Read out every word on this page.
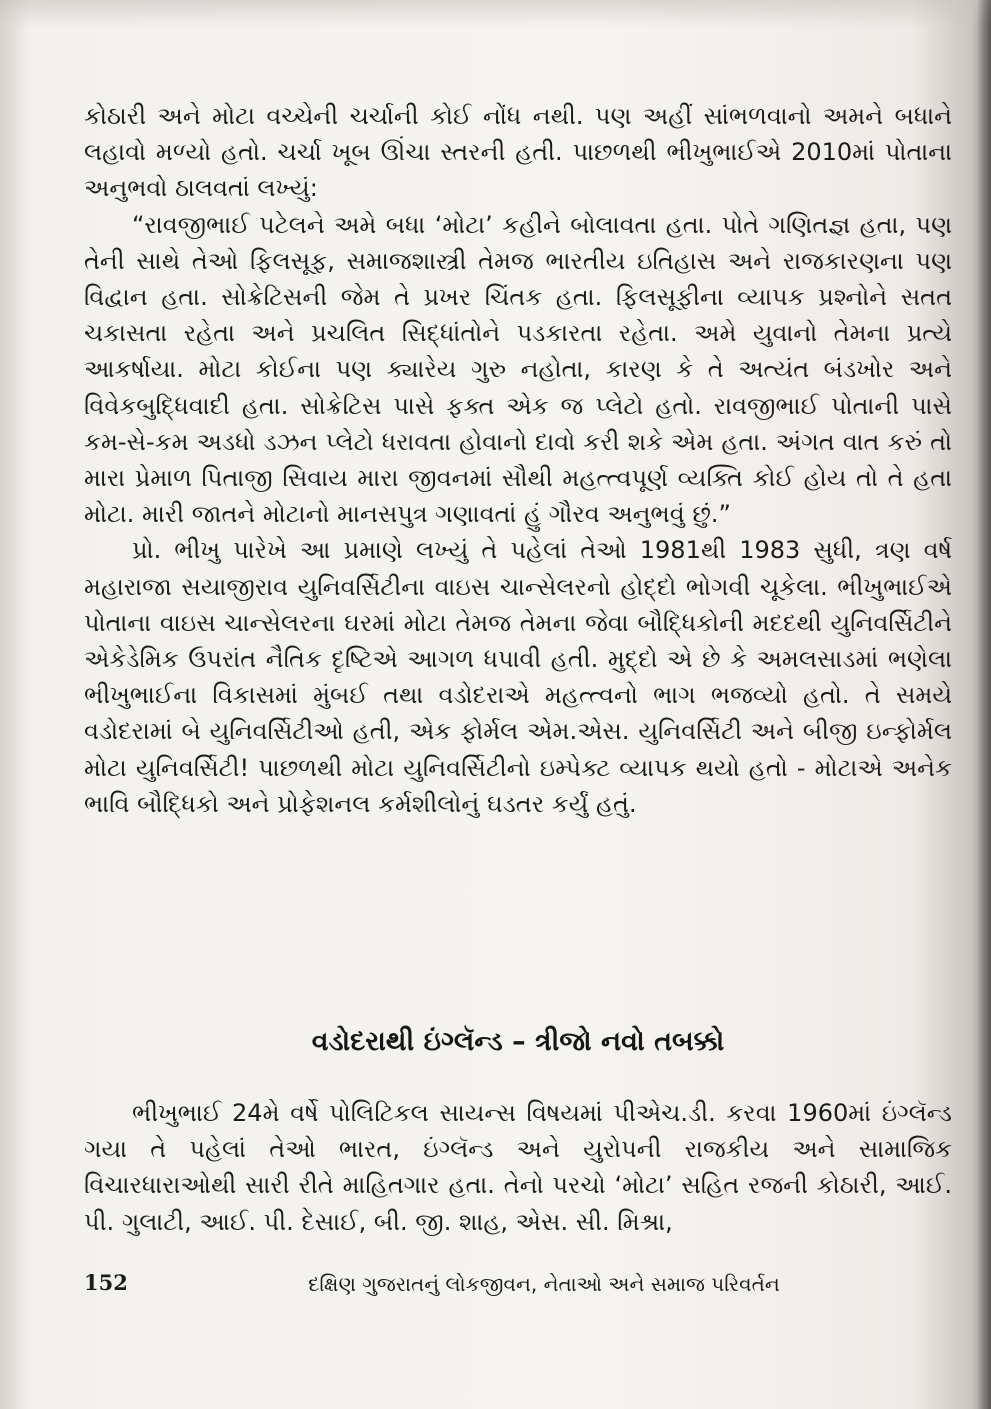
કોઠારી અને મોટા વચ્ચેની ચર્ચાની કોઈ નોંધ નથી. પણ અહીં સાંભળવાનો અમને બધાને લહાવો મળ્યો હતો. ચર્ચા ખૂબ ઊંચા સ્તરની હતી. પાછળથી ભીખુભાઈએ 2010માં પોતાના અનુભવો ઠાલવતાં લખ્યું:

“રાવજીભાઈ પટેલને અમે બધા ‘મોટા’ કહીને બોલાવતા હતા. પોતે ગણિતજ્ઞ હતા, પણ તેની સાથે તેઓ ફિલસૂફ, સમાજશાસ્ત્રી તેમજ ભારતીય ઇતિહાસ અને રાજકારણના પણ વિદ્વાન હતા. સોક્રેટિસની જેમ તે પ્રખર ચિંતક હતા. ફિલસૂફીના વ્યાપક પ્રશ્નોને સતત ચકાસતા રહેતા અને પ્રચલિત સિદ્ધાંતોને પડકારતા રહેતા. અમે યુવાનો તેમના પ્રત્યે આકર્ષાયા. મોટા કોઈના પણ ક્યારેય ગુરુ નહોતા, કારણ કે તે અત્યંત બંડખોર અને વિવેકબુદ્ધિવાદી હતા. સોક્રેટિસ પાસે ફક્ત એક જ પ્લેટો હતો. રાવજીભાઈ પોતાની પાસે કમ-સે-કમ અડધો ડઝન પ્લેટો ધરાવતા હોવાનો દાવો કરી શકે એમ હતા. અંગત વાત કરું તો મારા પ્રેમાળ પિતાજી સિવાય મારા જીવનમાં સૌથી મહત્ત્વપૂર્ણ વ્યક્તિ કોઈ હોય તો તે હતા મોટા. મારી જાતને મોટાનો માનસપુત્ર ગણાવતાં હું ગૌરવ અનુભવું છું.”

પ્રો. ભીખુ પારેખે આ પ્રમાણે લખ્યું તે પહેલાં તેઓ 1981થી 1983 સુધી, ત્રણ વર્ષ મહારાજા સયાજીરાવ યુનિવર્સિટીના વાઇસ ચાન્સેલરનો હોદ્દો ભોગવી ચૂકેલા. ભીખુભાઈએ પોતાના વાઇસ ચાન્સેલરના ઘરમાં મોટા તેમજ તેમના જેવા બૌદ્ધિકોની મદદથી યુનિવર્સિટીને એકેડેમિક ઉપરાંત નૈતિક દૃષ્ટિએ આગળ ધપાવી હતી. મુદ્દો એ છે કે અમલસાડમાં ભણેલા ભીખુભાઈના વિકાસમાં મુંબઈ તથા વડોદરાએ મહત્ત્વનો ભાગ ભજવ્યો હતો. તે સમયે વડોદરામાં બે યુનિવર્સિટીઓ હતી, એક ફોર્મલ એમ.એસ. યુનિવર્સિટી અને બીજી ઇન્ફોર્મલ મોટા યુનિવર્સિટી! પાછળથી મોટા યુનિવર્સિટીનો ઇમ્પેક્ટ વ્યાપક થયો હતો - મોટાએ અનેક ભાવિ બૌદ્ધિકો અને પ્રોફેશનલ કર્મશીલોનું ઘડતર કર્યું હતું.

વડોદરાથી ઇંગ્લૅન્ડ – ત્રીજો નવો તબક્કો

ભીખુભાઈ 24મે વર્ષે પોલિટિકલ સાયન્સ વિષયમાં પીએચ.ડી. કરવા 1960માં ઇંગ્લૅન્ડ ગયા તે પહેલાં તેઓ ભારત, ઇંગ્લૅન્ડ અને યુરોપની રાજકીય અને સામાજિક વિચારધારાઓથી સારી રીતે માહિતગાર હતા. તેનો પરચો ‘મોટા’ સહિત રજની કોઠારી, આઈ. પી. ગુલાટી, આઈ. પી. દેસાઈ, બી. જી. શાહ, એસ. સી. મિશ્રા,

152	દક્ષિણ ગુજરાતનું લોકજીવન, નેતાઓ અને સમાજ પરિવર્તન
